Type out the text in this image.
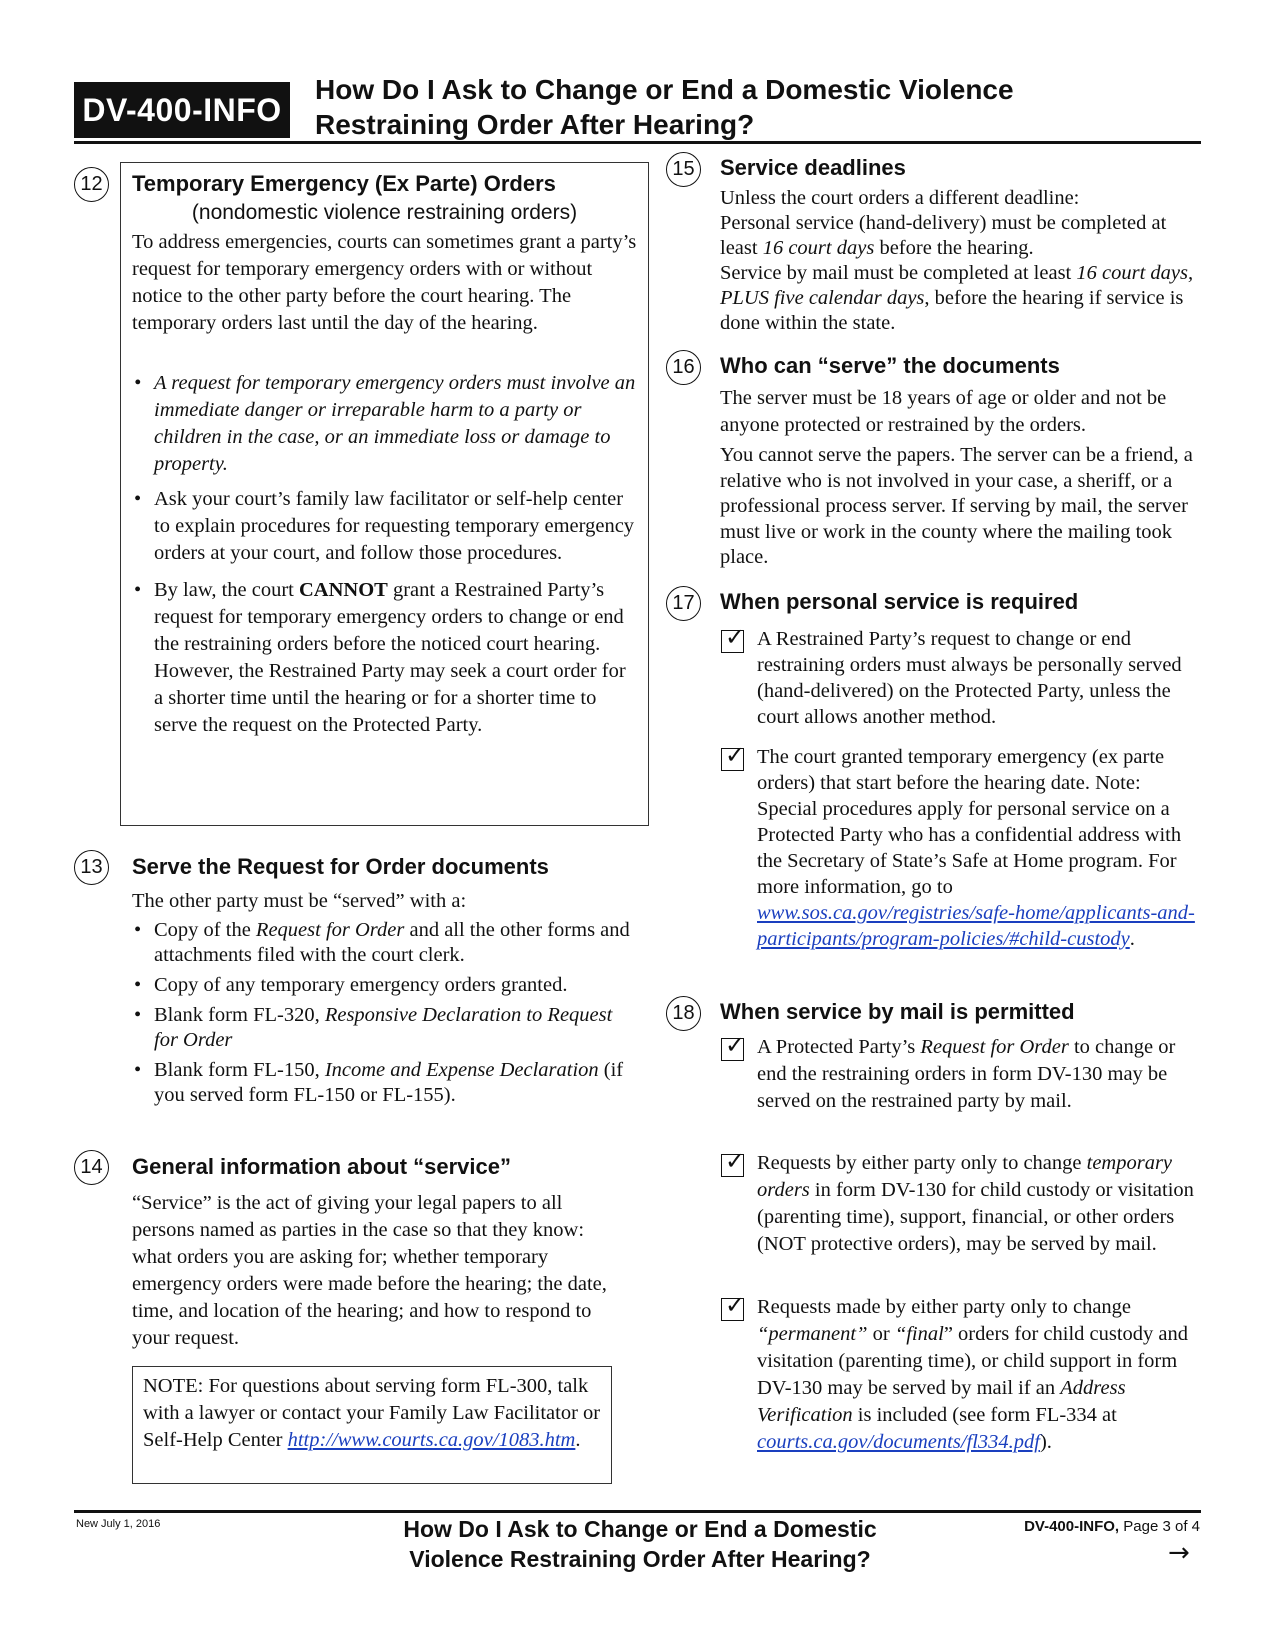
DV-400-INFO
How Do I Ask to Change or End a Domestic Violence
Restraining Order After Hearing?
12 Temporary Emergency (Ex Parte) Orders
(nondomestic violence restraining orders)
To address emergencies, courts can sometimes grant a party’s request for temporary emergency orders with or without notice to the other party before the court hearing. The temporary orders last until the day of the hearing.
• A request for temporary emergency orders must involve an immediate danger or irreparable harm to a party or children in the case, or an immediate loss or damage to property.
• Ask your court’s family law facilitator or self-help center to explain procedures for requesting temporary emergency orders at your court, and follow those procedures.
• By law, the court CANNOT grant a Restrained Party’s request for temporary emergency orders to change or end the restraining orders before the noticed court hearing. However, the Restrained Party may seek a court order for a shorter time until the hearing or for a shorter time to serve the request on the Protected Party.
13 Serve the Request for Order documents
The other party must be “served” with a:
• Copy of the Request for Order and all the other forms and attachments filed with the court clerk.
• Copy of any temporary emergency orders granted.
• Blank form FL-320, Responsive Declaration to Request for Order
• Blank form FL-150, Income and Expense Declaration (if you served form FL-150 or FL-155).
14 General information about “service”
“Service” is the act of giving your legal papers to all persons named as parties in the case so that they know: what orders you are asking for; whether temporary emergency orders were made before the hearing; the date, time, and location of the hearing; and how to respond to your request.
NOTE: For questions about serving form FL-300, talk with a lawyer or contact your Family Law Facilitator or Self-Help Center http://www.courts.ca.gov/1083.htm.
15 Service deadlines
Unless the court orders a different deadline:
Personal service (hand-delivery) must be completed at least 16 court days before the hearing.
Service by mail must be completed at least 16 court days, PLUS five calendar days, before the hearing if service is done within the state.
16 Who can “serve” the documents
The server must be 18 years of age or older and not be anyone protected or restrained by the orders.
You cannot serve the papers. The server can be a friend, a relative who is not involved in your case, a sheriff, or a professional process server. If serving by mail, the server must live or work in the county where the mailing took place.
17 When personal service is required
✓ A Restrained Party’s request to change or end restraining orders must always be personally served (hand-delivered) on the Protected Party, unless the court allows another method.
✓ The court granted temporary emergency (ex parte orders) that start before the hearing date. Note: Special procedures apply for personal service on a Protected Party who has a confidential address with the Secretary of State’s Safe at Home program. For more information, go to www.sos.ca.gov/registries/safe-home/applicants-and-participants/program-policies/#child-custody.
18 When service by mail is permitted
✓ A Protected Party’s Request for Order to change or end the restraining orders in form DV-130 may be served on the restrained party by mail.
✓ Requests by either party only to change temporary orders in form DV-130 for child custody or visitation (parenting time), support, financial, or other orders (NOT protective orders), may be served by mail.
✓ Requests made by either party only to change “permanent” or “final” orders for child custody and visitation (parenting time), or child support in form DV-130 may be served by mail if an Address Verification is included (see form FL-334 at courts.ca.gov/documents/fl334.pdf).
New July 1, 2016	How Do I Ask to Change or End a Domestic
Violence Restraining Order After Hearing?
DV-400-INFO, Page 3 of 4
→
